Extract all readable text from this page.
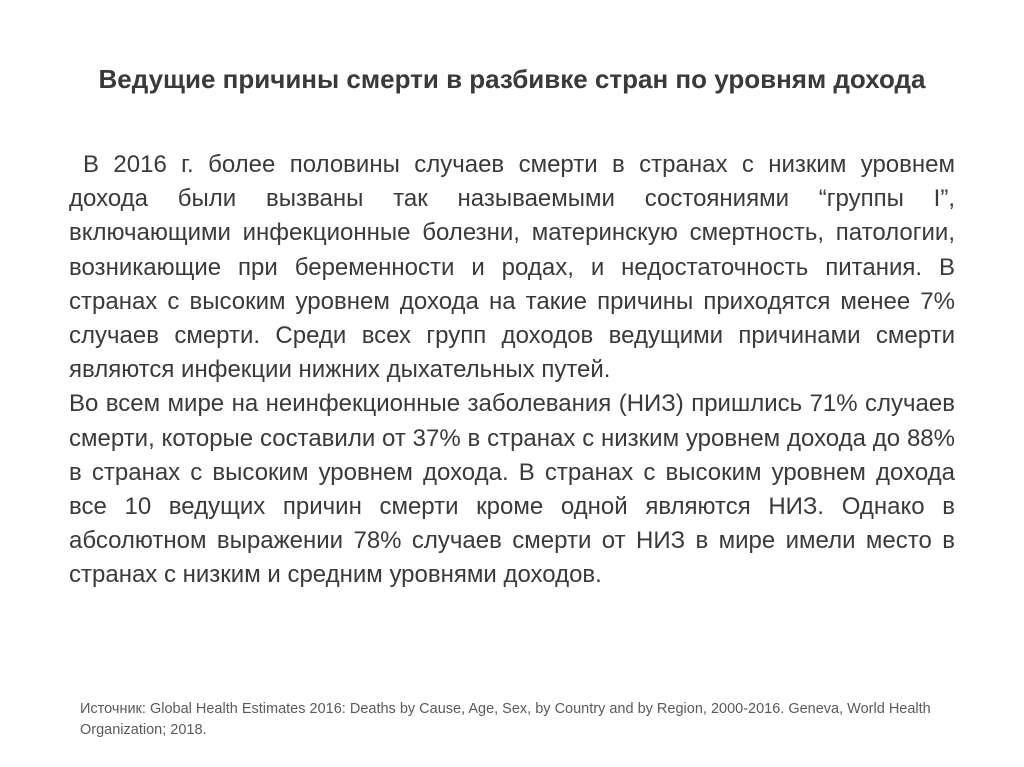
Ведущие причины смерти в разбивке стран по уровням дохода

В 2016 г. более половины случаев смерти в странах с низким уровнем дохода были вызваны так называемыми состояниями “группы I”, включающими инфекционные болезни, материнскую смертность, патологии, возникающие при беременности и родах, и недостаточность питания. В странах с высоким уровнем дохода на такие причины приходятся менее 7% случаев смерти. Среди всех групп доходов ведущими причинами смерти являются инфекции нижних дыхательных путей.

Во всем мире на неинфекционные заболевания (НИЗ) пришлись 71% случаев смерти, которые составили от 37% в странах с низким уровнем дохода до 88% в странах с высоким уровнем дохода. В странах с высоким уровнем дохода все 10 ведущих причин смерти кроме одной являются НИЗ. Однако в абсолютном выражении 78% случаев смерти от НИЗ в мире имели место в странах с низким и средним уровнями доходов.

Источник: Global Health Estimates 2016: Deaths by Cause, Age, Sex, by Country and by Region, 2000-2016. Geneva, World Health Organization; 2018.
